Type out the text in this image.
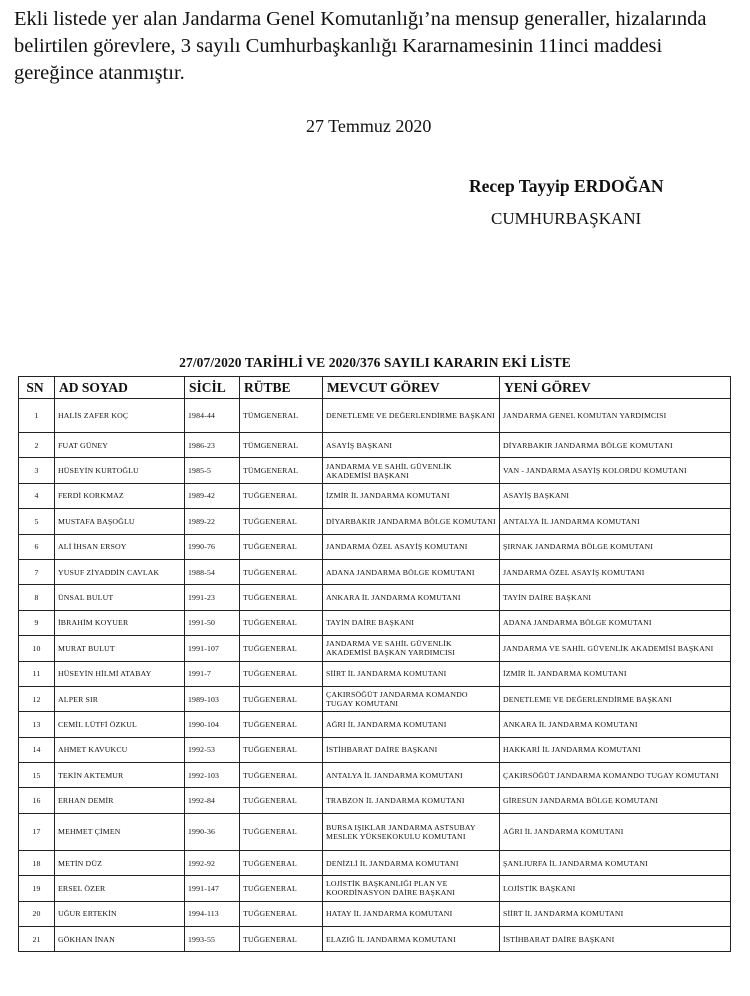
Ekli listede yer alan Jandarma Genel Komutanlığı’na mensup generaller, hizalarında belirtilen görevlere, 3 sayılı Cumhurbaşkanlığı Kararnamesinin 11inci maddesi gereğince atanmıştır.

27 Temmuz 2020
Recep Tayyip ERDOĞAN
CUMHURBAŞKANI
27/07/2020 TARİHLİ VE 2020/376 SAYILI KARARIN EKİ LİSTE
SN	AD SOYAD	SİCİL	RÜTBE	MEVCUT GÖREV	YENİ GÖREV
1	HALİS ZAFER KOÇ	1984-44	TÜMGENERAL	DENETLEME VE DEĞERLENDİRME BAŞKANI	JANDARMA GENEL KOMUTAN YARDIMCISI
2	FUAT GÜNEY	1986-23	TÜMGENERAL	ASAYİŞ BAŞKANI	DİYARBAKIR JANDARMA BÖLGE KOMUTANI
3	HÜSEYİN KURTOĞLU	1985-5	TÜMGENERAL	JANDARMA VE SAHİL GÜVENLİK AKADEMİSİ BAŞKANI	VAN - JANDARMA ASAYİŞ KOLORDU KOMUTANI
4	FERDİ KORKMAZ	1989-42	TUĞGENERAL	İZMİR İL JANDARMA KOMUTANI	ASAYİŞ BAŞKANI
5	MUSTAFA BAŞOĞLU	1989-22	TUĞGENERAL	DİYARBAKIR JANDARMA BÖLGE KOMUTANI	ANTALYA İL JANDARMA KOMUTANI
6	ALİ İHSAN ERSOY	1990-76	TUĞGENERAL	JANDARMA ÖZEL ASAYİŞ KOMUTANI	ŞIRNAK JANDARMA BÖLGE KOMUTANI
7	YUSUF ZİYADDİN CAVLAK	1988-54	TUĞGENERAL	ADANA JANDARMA BÖLGE KOMUTANI	JANDARMA ÖZEL ASAYİŞ KOMUTANI
8	ÜNSAL BULUT	1991-23	TUĞGENERAL	ANKARA İL JANDARMA KOMUTANI	TAYİN DAİRE BAŞKANI
9	İBRAHİM KOYUER	1991-50	TUĞGENERAL	TAYİN DAİRE BAŞKANI	ADANA JANDARMA BÖLGE KOMUTANI
10	MURAT BULUT	1991-107	TUĞGENERAL	JANDARMA VE SAHİL GÜVENLİK AKADEMİSİ BAŞKAN YARDIMCISI	JANDARMA VE SAHİL GÜVENLİK AKADEMİSİ BAŞKANI
11	HÜSEYİN HİLMİ ATABAY	1991-7	TUĞGENERAL	SİİRT İL JANDARMA KOMUTANI	İZMİR İL JANDARMA KOMUTANI
12	ALPER SIR	1989-103	TUĞGENERAL	ÇAKIRSÖĞÜT JANDARMA KOMANDO TUGAY KOMUTANI	DENETLEME VE DEĞERLENDİRME BAŞKANI
13	CEMİL LÜTFİ ÖZKUL	1990-104	TUĞGENERAL	AĞRI İL JANDARMA KOMUTANI	ANKARA İL JANDARMA KOMUTANI
14	AHMET KAVUKCU	1992-53	TUĞGENERAL	İSTİHBARAT DAİRE BAŞKANI	HAKKARİ İL JANDARMA KOMUTANI
15	TEKİN AKTEMUR	1992-103	TUĞGENERAL	ANTALYA İL JANDARMA KOMUTANI	ÇAKIRSÖĞÜT JANDARMA KOMANDO TUGAY KOMUTANI
16	ERHAN DEMİR	1992-84	TUĞGENERAL	TRABZON İL JANDARMA KOMUTANI	GİRESUN JANDARMA BÖLGE KOMUTANI
17	MEHMET ÇİMEN	1990-36	TUĞGENERAL	BURSA IŞIKLAR JANDARMA ASTSUBAY MESLEK YÜKSEKOKULU KOMUTANI	AĞRI İL JANDARMA KOMUTANI
18	METİN DÜZ	1992-92	TUĞGENERAL	DENİZLİ İL JANDARMA KOMUTANI	ŞANLIURFA İL JANDARMA KOMUTANI
19	ERSEL ÖZER	1991-147	TUĞGENERAL	LOJİSTİK BAŞKANLIĞI PLAN VE KOORDİNASYON DAİRE BAŞKANI	LOJİSTİK BAŞKANI
20	UĞUR ERTEKİN	1994-113	TUĞGENERAL	HATAY İL JANDARMA KOMUTANI	SİİRT İL JANDARMA KOMUTANI
21	GÖKHAN İNAN	1993-55	TUĞGENERAL	ELAZIĞ İL JANDARMA KOMUTANI	İSTİHBARAT DAİRE BAŞKANI
